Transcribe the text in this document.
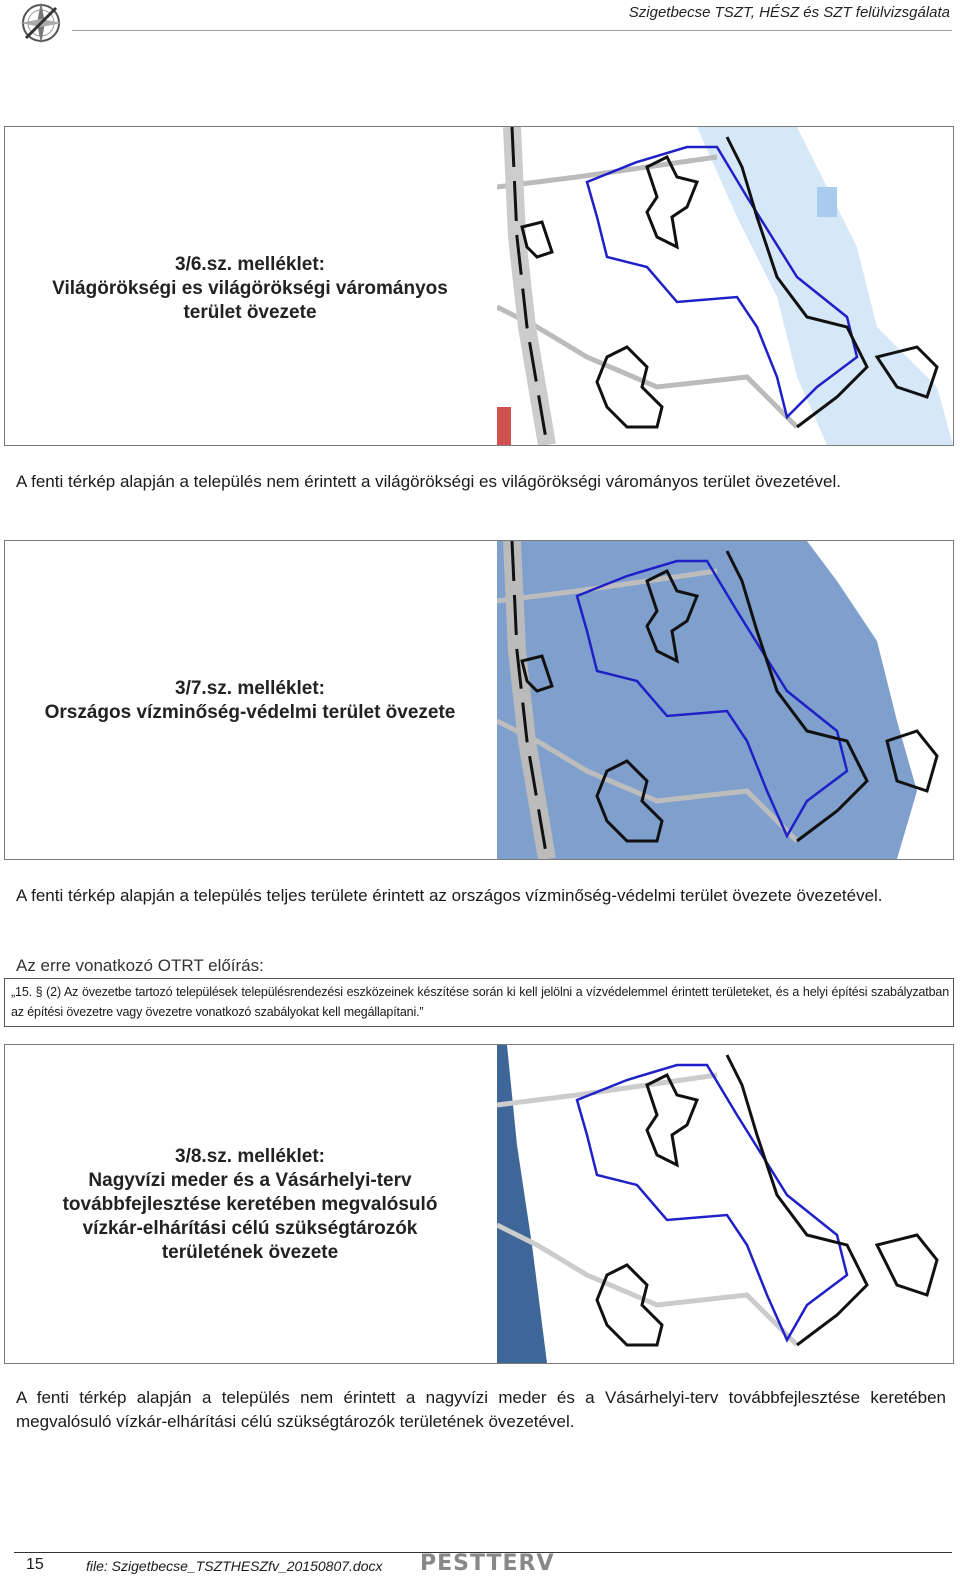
Szigetbecse TSZT, HÉSZ és SZT felülvizsgálata
3/6.sz. melléklet:
Világörökségi es világörökségi várományos
terület övezete
A fenti térkép alapján a település nem érintett a világörökségi es világörökségi várományos terület övezetével.
3/7.sz. melléklet:
Országos vízminőség-védelmi terület övezete
A fenti térkép alapján a település teljes területe érintett az országos vízminőség-védelmi terület övezete övezetével.
Az erre vonatkozó OTRT előírás:
„15. § (2) Az övezetbe tartozó települések településrendezési eszközeinek készítése során ki kell jelölni a vízvédelemmel érintett területeket, és a helyi építési szabályzatban az építési övezetre vagy övezetre vonatkozó szabályokat kell megállapítani.”
3/8.sz. melléklet:
Nagyvízi meder és a Vásárhelyi-terv
továbbfejlesztése keretében megvalósuló
vízkár-elhárítási célú szükségtározók
területének övezete
A fenti térkép alapján a település nem érintett a nagyvízi meder és a Vásárhelyi-terv továbbfejlesztése keretében megvalósuló vízkár-elhárítási célú szükségtározók területének övezetével.
15	file: Szigetbecse_TSZTHESZfv_20150807.docx PESTTERV
